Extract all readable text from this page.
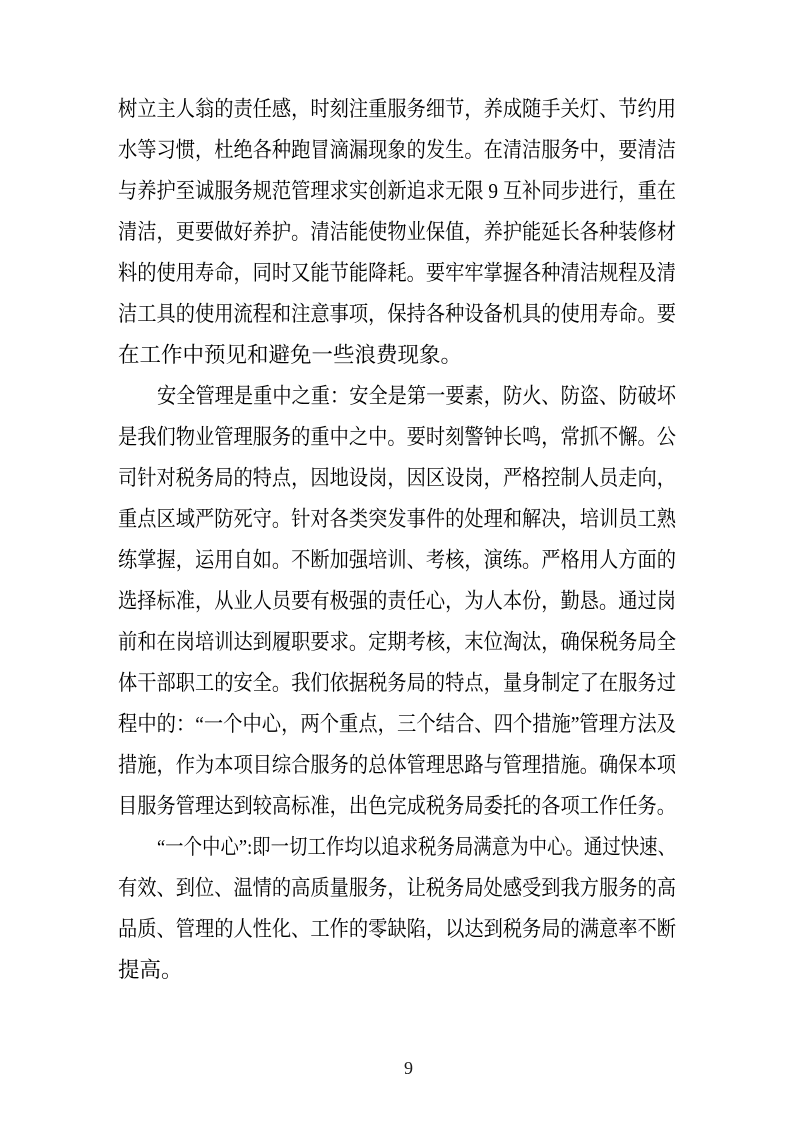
树立主人翁的责任感，时刻注重服务细节，养成随手关灯、节约用
水等习惯，杜绝各种跑冒滴漏现象的发生。在清洁服务中，要清洁
与养护至诚服务规范管理求实创新追求无限 9 互补同步进行，重在
清洁，更要做好养护。清洁能使物业保值，养护能延长各种装修材
料的使用寿命，同时又能节能降耗。要牢牢掌握各种清洁规程及清
洁工具的使用流程和注意事项，保持各种设备机具的使用寿命。要
在工作中预见和避免一些浪费现象。
安全管理是重中之重：安全是第一要素，防火、防盗、防破坏
是我们物业管理服务的重中之中。要时刻警钟长鸣，常抓不懈。公
司针对税务局的特点，因地设岗，因区设岗，严格控制人员走向，
重点区域严防死守。针对各类突发事件的处理和解决，培训员工熟
练掌握，运用自如。不断加强培训、考核，演练。严格用人方面的
选择标准，从业人员要有极强的责任心，为人本份，勤恳。通过岗
前和在岗培训达到履职要求。定期考核，末位淘汰，确保税务局全
体干部职工的安全。我们依据税务局的特点，量身制定了在服务过
程中的：“一个中心，两个重点，三个结合、四个措施”管理方法及
措施，作为本项目综合服务的总体管理思路与管理措施。确保本项
目服务管理达到较高标准，出色完成税务局委托的各项工作任务。
“一个中心”:即一切工作均以追求税务局满意为中心。通过快速、
有效、到位、温情的高质量服务，让税务局处感受到我方服务的高
品质、管理的人性化、工作的零缺陷，以达到税务局的满意率不断
提高。
9
